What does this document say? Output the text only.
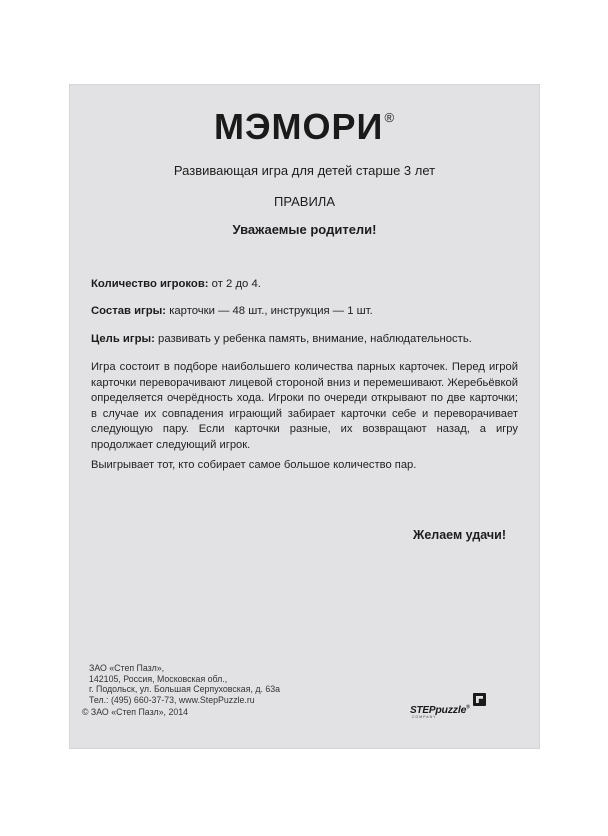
МЭМОРИ®
Развивающая игра для детей старше 3 лет
ПРАВИЛА
Уважаемые родители!
Количество игроков: от 2 до 4.
Состав игры: карточки — 48 шт., инструкция — 1 шт.
Цель игры: развивать у ребенка память, внимание, наблюдательность.
Игра состоит в подборе наибольшего количества парных карточек. Перед игрой карточки переворачивают лицевой стороной вниз и перемешивают. Жеребьёвкой определяется очерёдность хода. Игроки по очереди открывают по две карточки; в случае их совпадения играющий забирает карточки себе и переворачивает следующую пару. Если карточки разные, их возвращают назад, а игру продолжает следующий игрок.
Выигрывает тот, кто собирает самое большое количество пар.
Желаем удачи!
ЗАО «Степ Пазл»,
142105, Россия, Московская обл.,
г. Подольск, ул. Большая Серпуховская, д. 63а
Тел.: (495) 660-37-73, www.StepPuzzle.ru
© ЗАО «Степ Пазл», 2014	STEPpuzzle®
COMPANY
